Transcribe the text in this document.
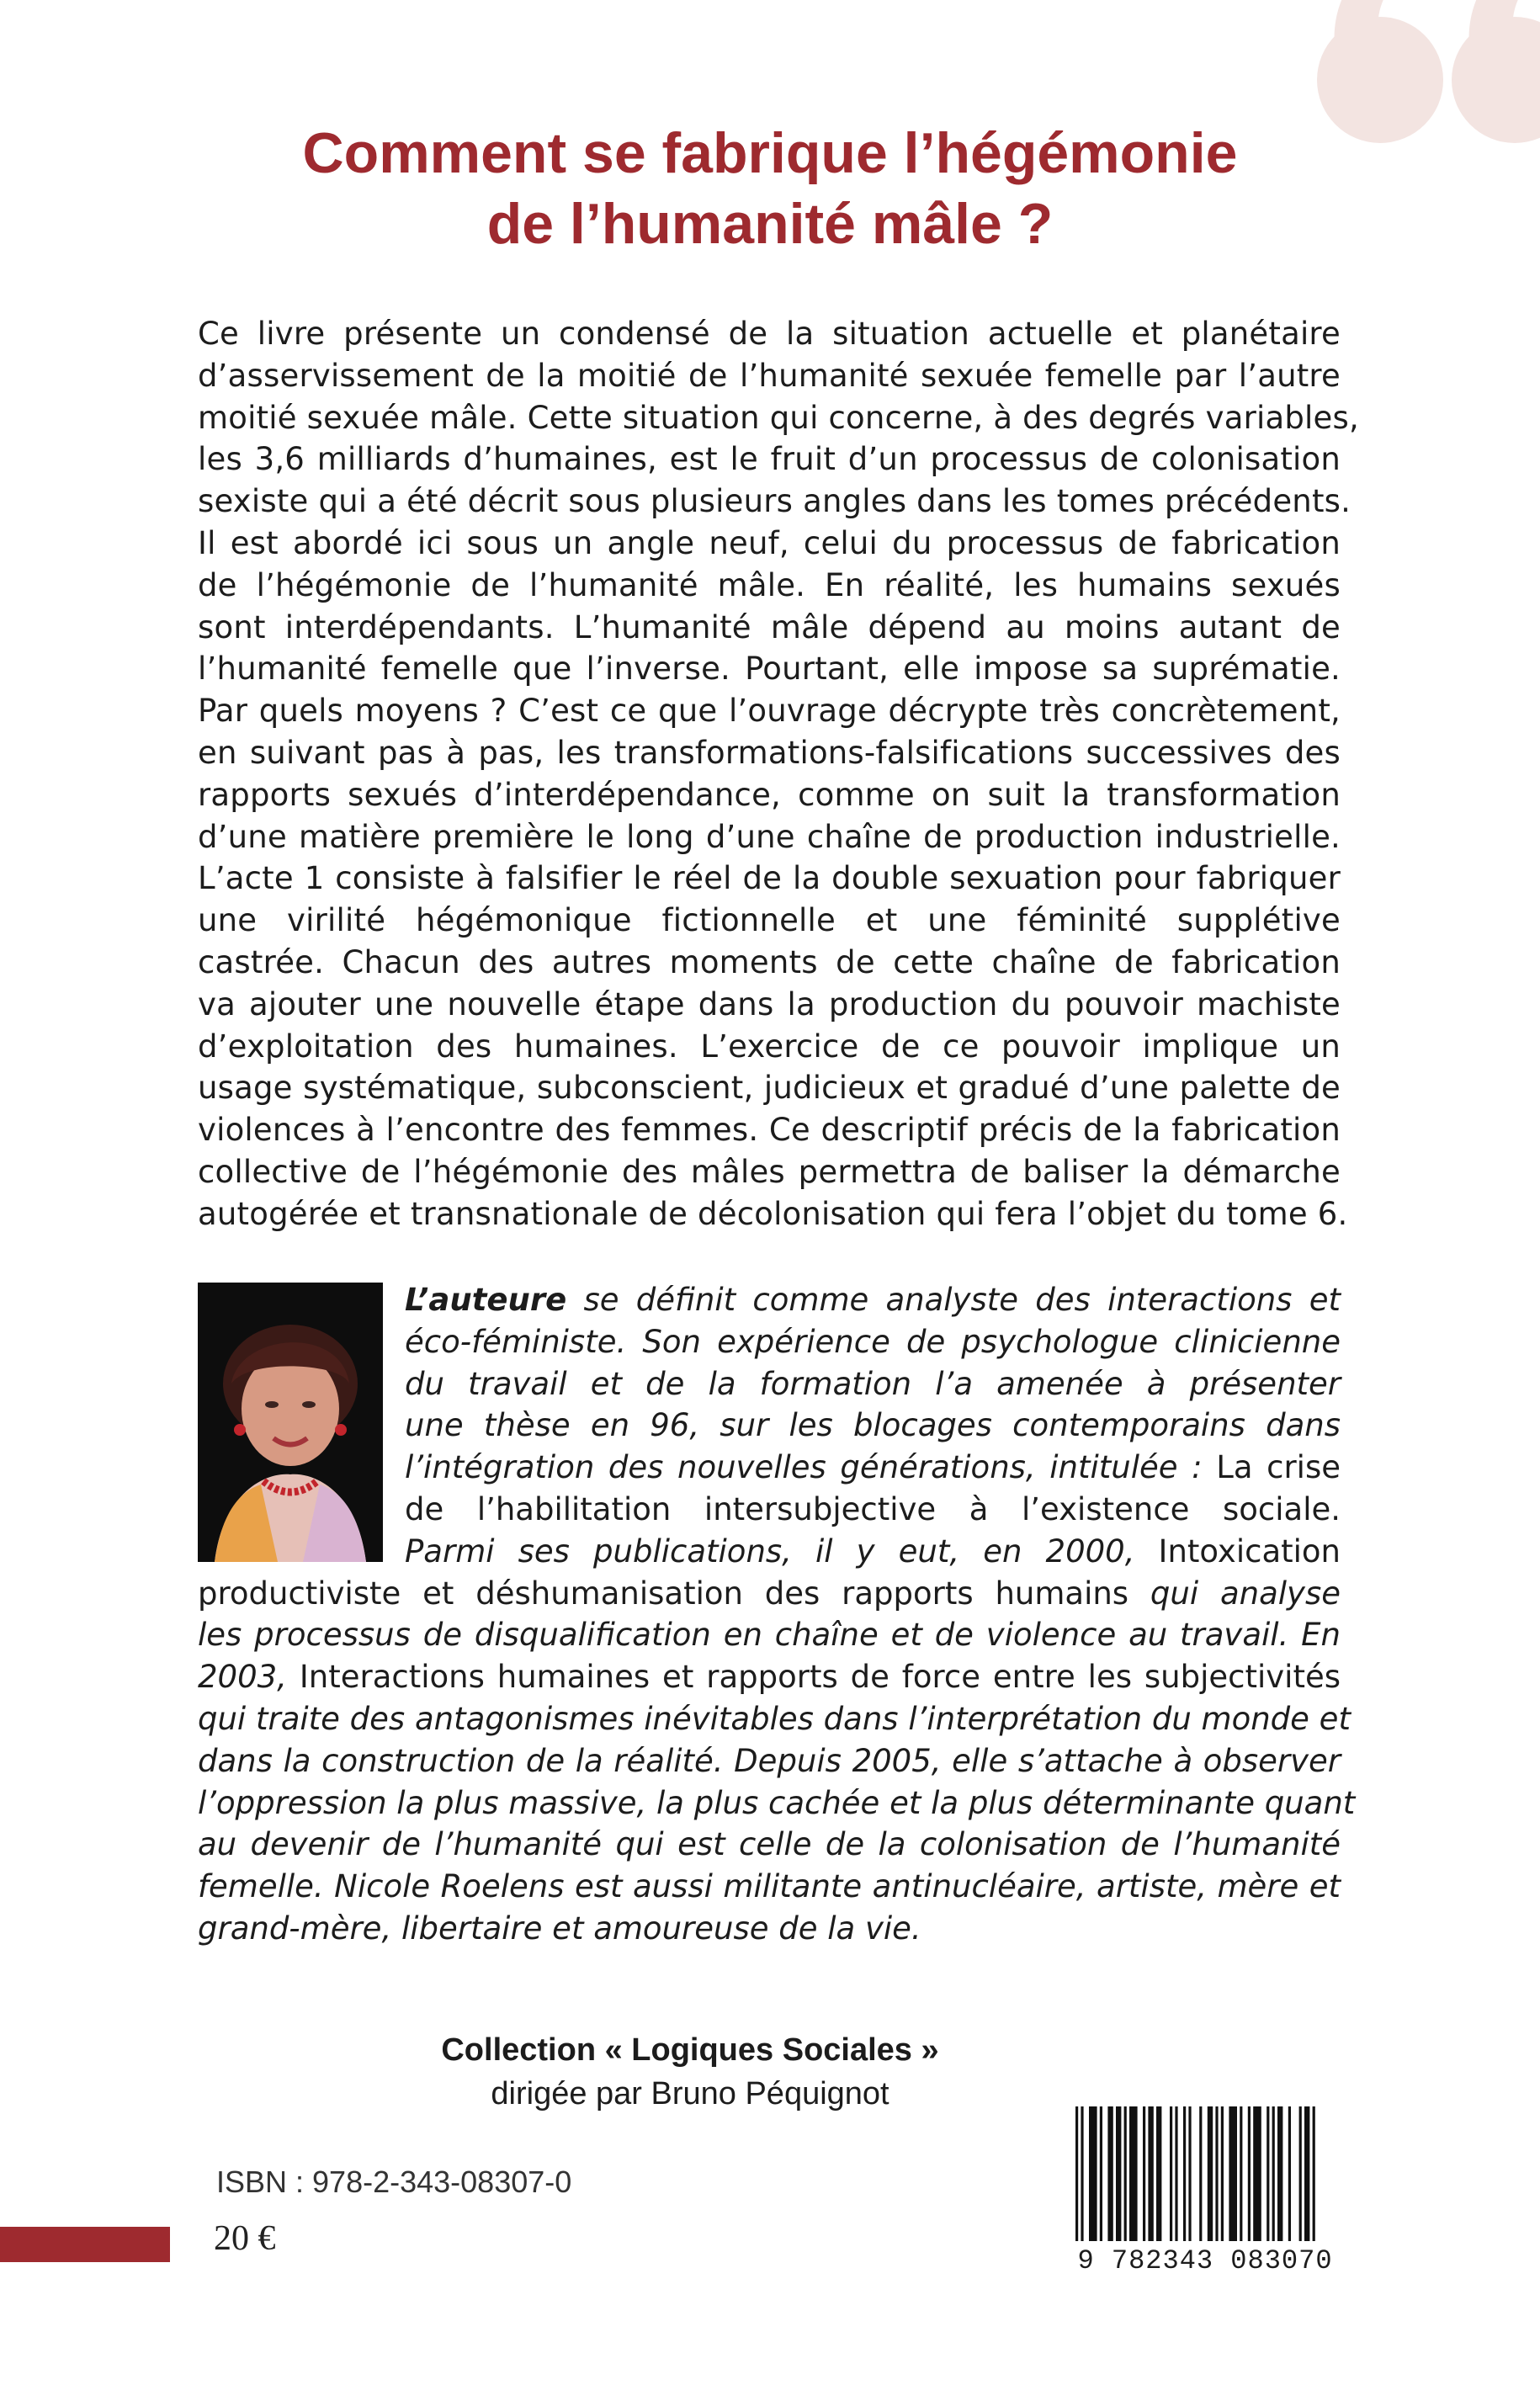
Comment se fabrique l’hégémonie
de l’humanité mâle ?
Ce livre présente un condensé de la situation actuelle et planétaire
d’asservissement de la moitié de l’humanité sexuée femelle par l’autre
moitié sexuée mâle. Cette situation qui concerne, à des degrés variables,
les 3,6 milliards d’humaines, est le fruit d’un processus de colonisation
sexiste qui a été décrit sous plusieurs angles dans les tomes précédents.
Il est abordé ici sous un angle neuf, celui du processus de fabrication
de l’hégémonie de l’humanité mâle. En réalité, les humains sexués
sont interdépendants. L’humanité mâle dépend au moins autant de
l’humanité femelle que l’inverse. Pourtant, elle impose sa suprématie.
Par quels moyens ? C’est ce que l’ouvrage décrypte très concrètement,
en suivant pas à pas, les transformations-falsifications successives des
rapports sexués d’interdépendance, comme on suit la transformation
d’une matière première le long d’une chaîne de production industrielle.
L’acte 1 consiste à falsifier le réel de la double sexuation pour fabriquer
une virilité hégémonique fictionnelle et une féminité supplétive
castrée. Chacun des autres moments de cette chaîne de fabrication
va ajouter une nouvelle étape dans la production du pouvoir machiste
d’exploitation des humaines. L’exercice de ce pouvoir implique un
usage systématique, subconscient, judicieux et gradué d’une palette de
violences à l’encontre des femmes. Ce descriptif précis de la fabrication
collective de l’hégémonie des mâles permettra de baliser la démarche
autogérée et transnationale de décolonisation qui fera l’objet du tome 6.
L’auteure se définit comme analyste des interactions et
éco-féministe. Son expérience de psychologue clinicienne
du travail et de la formation l’a amenée à présenter
une thèse en 96, sur les blocages contemporains dans
l’intégration des nouvelles générations, intitulée : La crise
de l’habilitation intersubjective à l’existence sociale.
Parmi ses publications, il y eut, en 2000, Intoxication
productiviste et déshumanisation des rapports humains qui analyse
les processus de disqualification en chaîne et de violence au travail. En
2003, Interactions humaines et rapports de force entre les subjectivités
qui traite des antagonismes inévitables dans l’interprétation du monde et
dans la construction de la réalité. Depuis 2005, elle s’attache à observer
l’oppression la plus massive, la plus cachée et la plus déterminante quant
au devenir de l’humanité qui est celle de la colonisation de l’humanité
femelle. Nicole Roelens est aussi militante antinucléaire, artiste, mère et
grand-mère, libertaire et amoureuse de la vie.
Collection « Logiques Sociales »
dirigée par Bruno Péquignot
ISBN : 978-2-343-08307-0
20 €
9 782343 083070
